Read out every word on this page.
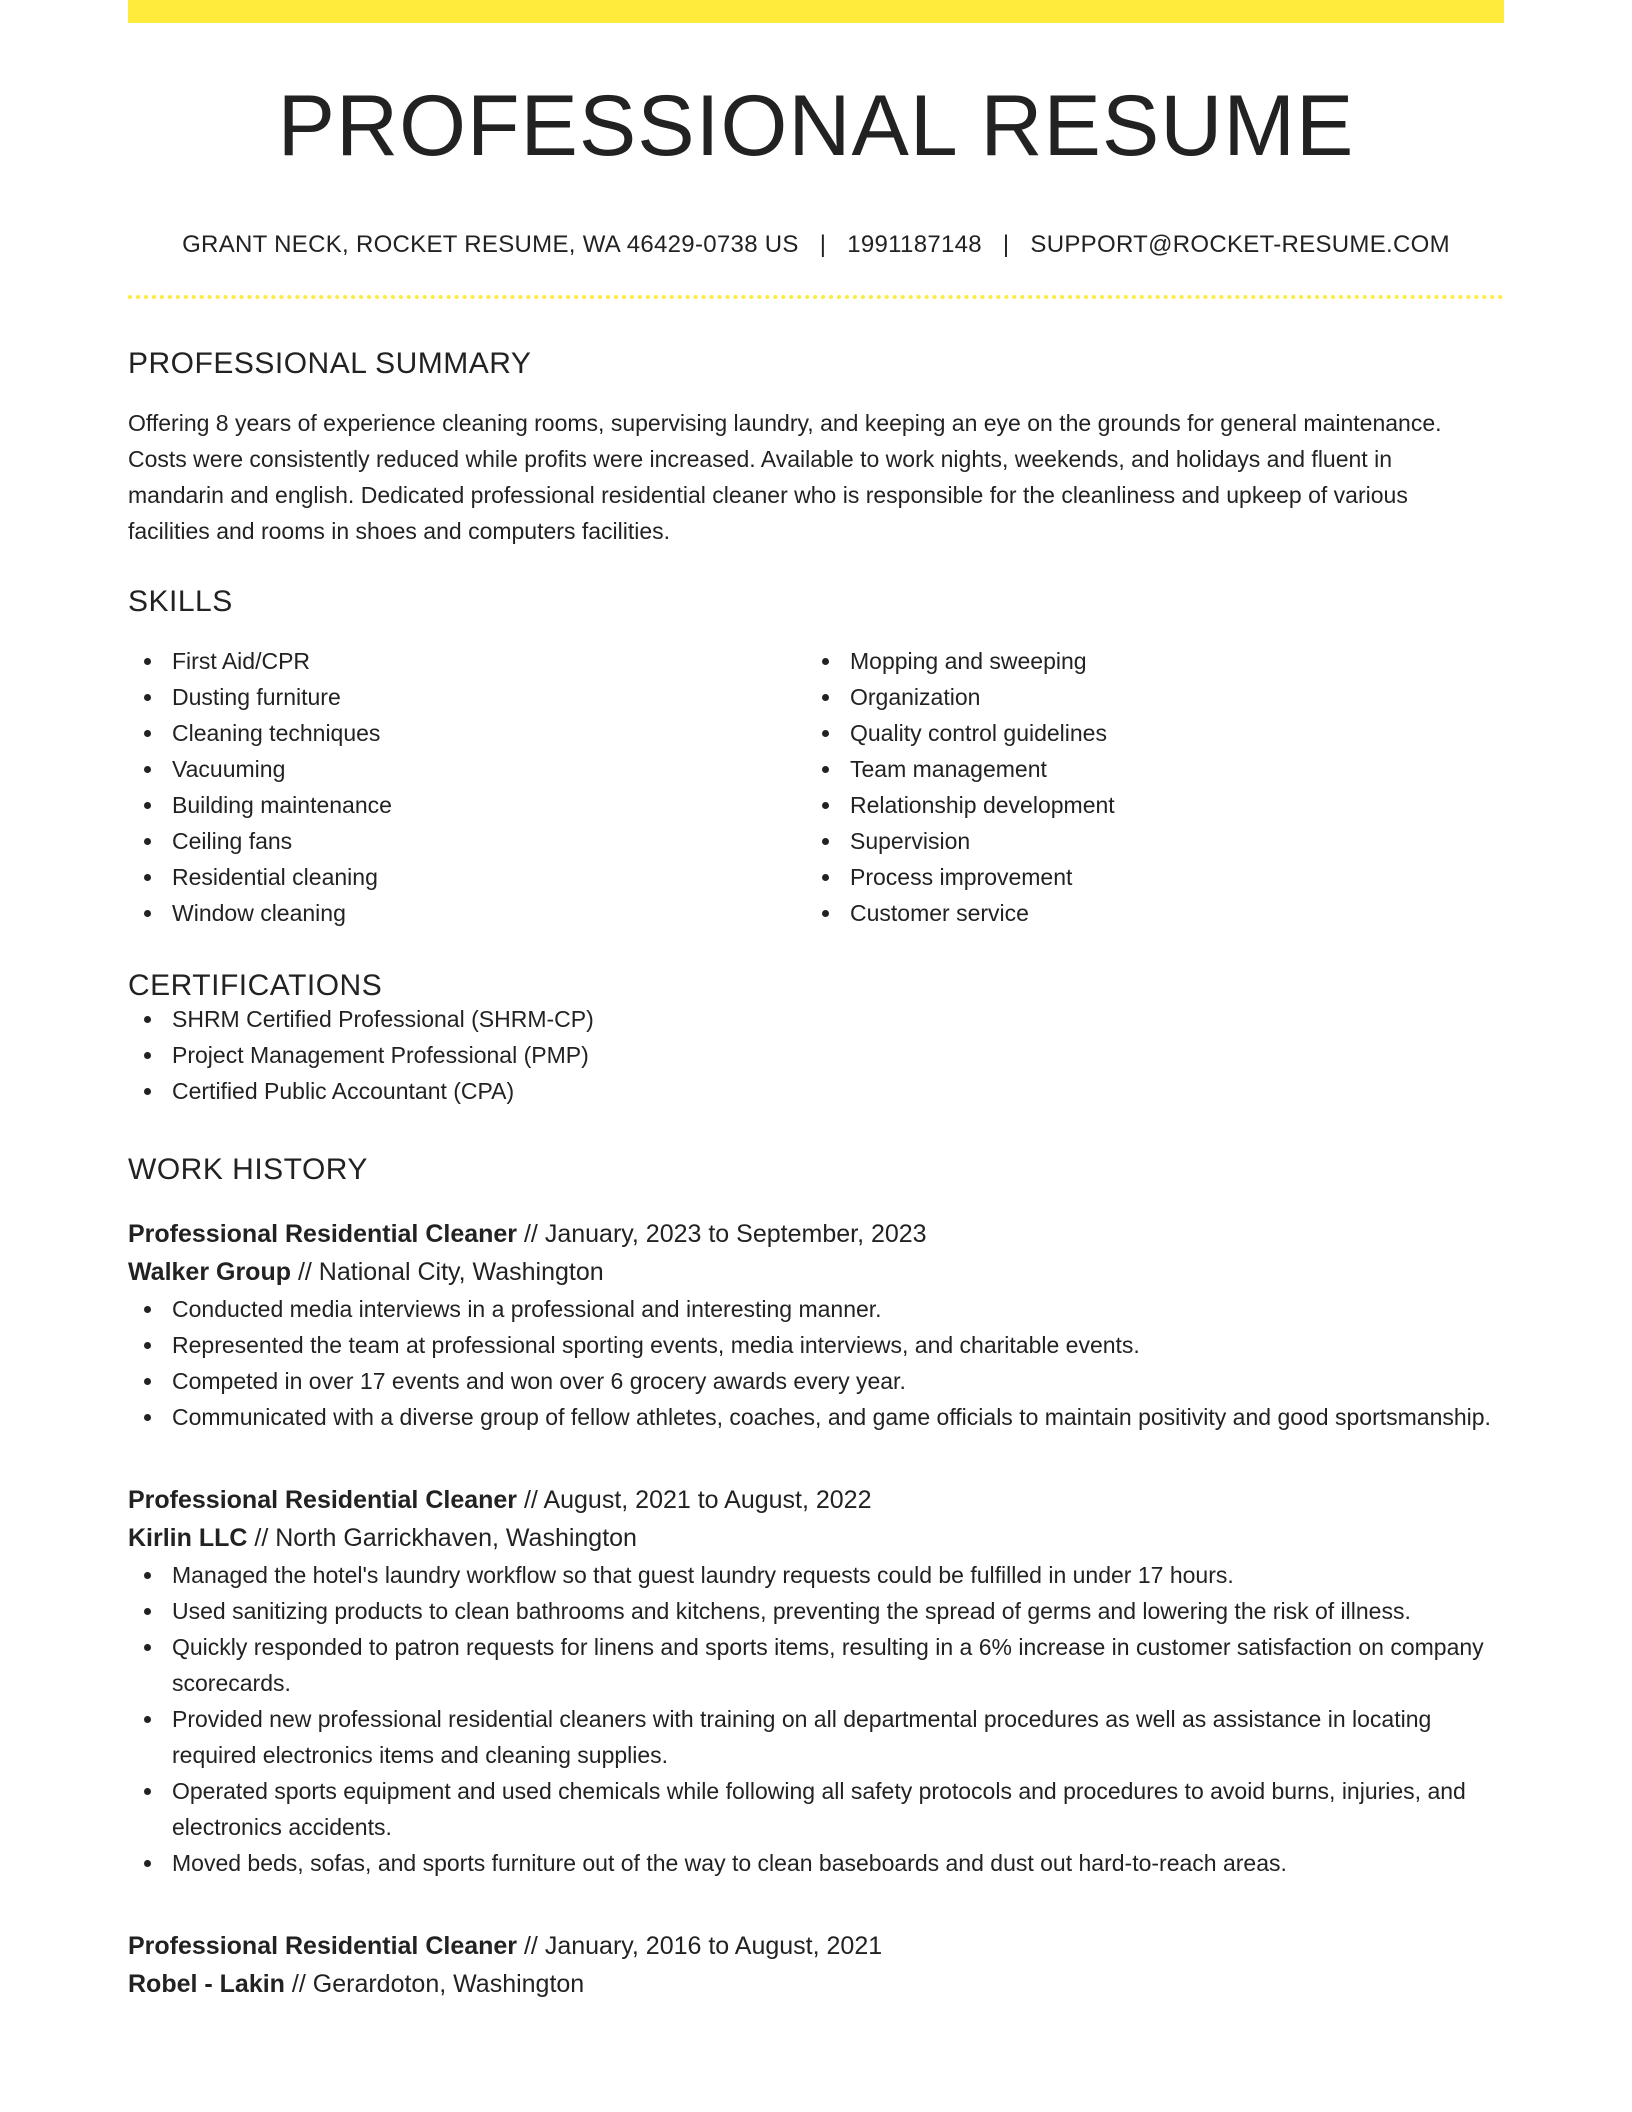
PROFESSIONAL RESUME
GRANT NECK, ROCKET RESUME, WA 46429-0738 US | 1991187148 | SUPPORT@ROCKET-RESUME.COM
PROFESSIONAL SUMMARY

Offering 8 years of experience cleaning rooms, supervising laundry, and keeping an eye on the grounds for general maintenance. Costs were consistently reduced while profits were increased. Available to work nights, weekends, and holidays and fluent in mandarin and english. Dedicated professional residential cleaner who is responsible for the cleanliness and upkeep of various facilities and rooms in shoes and computers facilities.

SKILLS
First Aid/CPR
Dusting furniture
Cleaning techniques
Vacuuming
Building maintenance
Ceiling fans
Residential cleaning
Window cleaning
Mopping and sweeping
Organization
Quality control guidelines
Team management
Relationship development
Supervision
Process improvement
Customer service
CERTIFICATIONS
SHRM Certified Professional (SHRM-CP)
Project Management Professional (PMP)
Certified Public Accountant (CPA)
WORK HISTORY
Professional Residential Cleaner // January, 2023 to September, 2023
Walker Group // National City, Washington
Conducted media interviews in a professional and interesting manner.
Represented the team at professional sporting events, media interviews, and charitable events.
Competed in over 17 events and won over 6 grocery awards every year.
Communicated with a diverse group of fellow athletes, coaches, and game officials to maintain positivity and good sportsmanship.
Professional Residential Cleaner // August, 2021 to August, 2022
Kirlin LLC // North Garrickhaven, Washington
Managed the hotel's laundry workflow so that guest laundry requests could be fulfilled in under 17 hours.
Used sanitizing products to clean bathrooms and kitchens, preventing the spread of germs and lowering the risk of illness.
Quickly responded to patron requests for linens and sports items, resulting in a 6% increase in customer satisfaction on company scorecards.
Provided new professional residential cleaners with training on all departmental procedures as well as assistance in locating required electronics items and cleaning supplies.
Operated sports equipment and used chemicals while following all safety protocols and procedures to avoid burns, injuries, and electronics accidents.
Moved beds, sofas, and sports furniture out of the way to clean baseboards and dust out hard-to-reach areas.
Professional Residential Cleaner // January, 2016 to August, 2021
Robel - Lakin // Gerardoton, Washington
